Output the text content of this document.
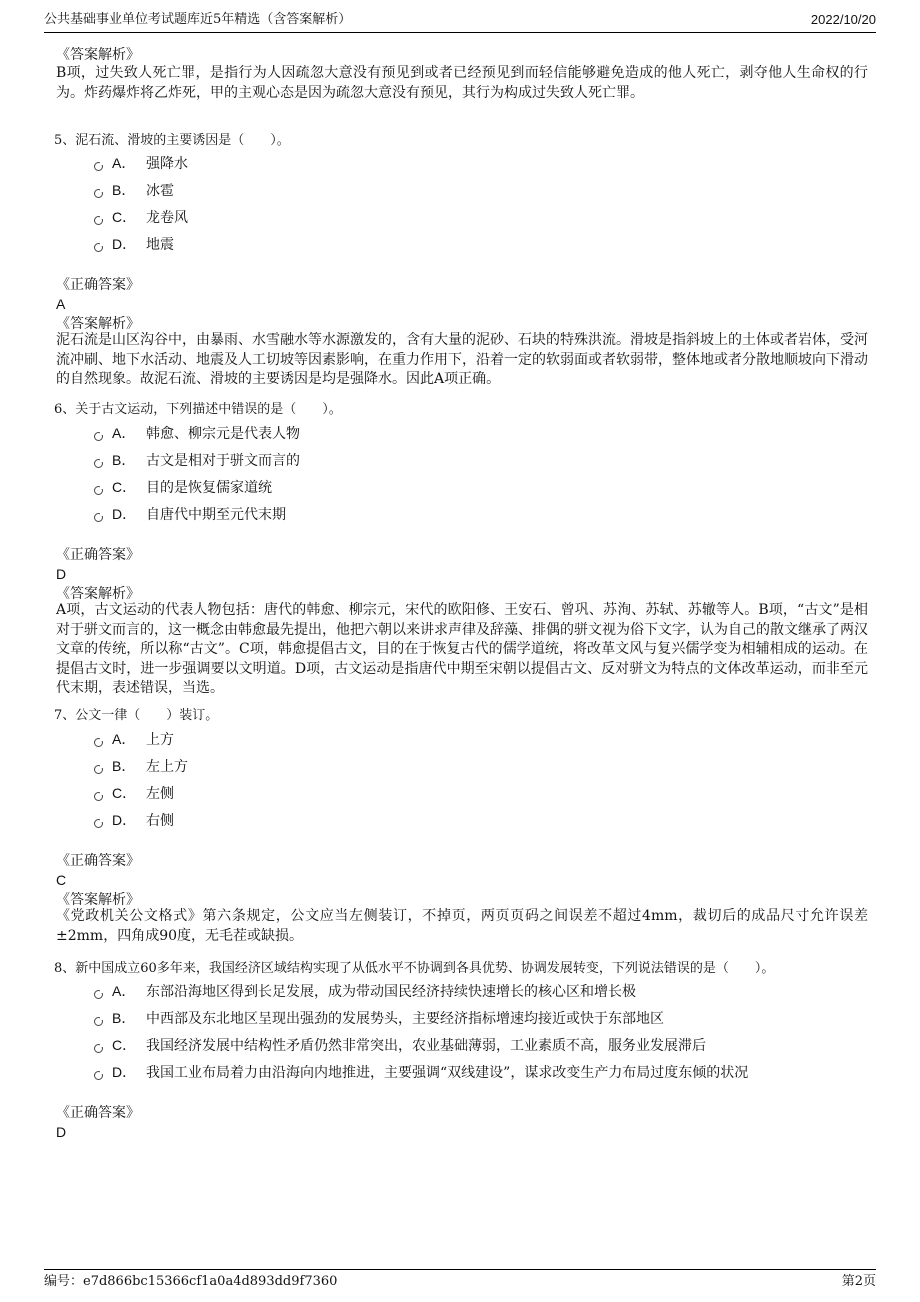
公共基础事业单位考试题库近5年精选（含答案解析）	2022/10/20
《答案解析》
B项，过失致人死亡罪，是指行为人因疏忽大意没有预见到或者已经预见到而轻信能够避免造成的他人死亡，剥夺他人生命权的行为。炸药爆炸将乙炸死，甲的主观心态是因为疏忽大意没有预见，其行为构成过失致人死亡罪。
5、泥石流、滑坡的主要诱因是（　　）。
A． 强降水
B． 冰雹
C． 龙卷风
D． 地震
《正确答案》
A
《答案解析》
泥石流是山区沟谷中，由暴雨、水雪融水等水源激发的，含有大量的泥砂、石块的特殊洪流。滑坡是指斜坡上的土体或者岩体，受河流冲刷、地下水活动、地震及人工切坡等因素影响，在重力作用下，沿着一定的软弱面或者软弱带，整体地或者分散地顺坡向下滑动的自然现象。故泥石流、滑坡的主要诱因是均是强降水。因此A项正确。
6、关于古文运动，下列描述中错误的是（　　）。
A． 韩愈、柳宗元是代表人物
B． 古文是相对于骈文而言的
C． 目的是恢复儒家道统
D． 自唐代中期至元代末期
《正确答案》
D
《答案解析》
A项，古文运动的代表人物包括：唐代的韩愈、柳宗元，宋代的欧阳修、王安石、曾巩、苏洵、苏轼、苏辙等人。B项，“古文”是相对于骈文而言的，这一概念由韩愈最先提出，他把六朝以来讲求声律及辞藻、排偶的骈文视为俗下文字，认为自己的散文继承了两汉文章的传统，所以称“古文”。C项，韩愈提倡古文，目的在于恢复古代的儒学道统，将改革文风与复兴儒学变为相辅相成的运动。在提倡古文时，进一步强调要以文明道。D项，古文运动是指唐代中期至宋朝以提倡古文、反对骈文为特点的文体改革运动，而非至元代末期，表述错误，当选。
7、公文一律（　　）装订。
A． 上方
B． 左上方
C． 左侧
D． 右侧
《正确答案》
C
《答案解析》
《党政机关公文格式》第六条规定，公文应当左侧装订，不掉页，两页页码之间误差不超过4mm，裁切后的成品尺寸允许误差±2mm，四角成90度，无毛茬或缺损。
8、新中国成立60多年来，我国经济区域结构实现了从低水平不协调到各具优势、协调发展转变，下列说法错误的是（　　）。
A． 东部沿海地区得到长足发展，成为带动国民经济持续快速增长的核心区和增长极
B． 中西部及东北地区呈现出强劲的发展势头，主要经济指标增速均接近或快于东部地区
C． 我国经济发展中结构性矛盾仍然非常突出，农业基础薄弱，工业素质不高，服务业发展滞后
D． 我国工业布局着力由沿海向内地推进，主要强调“双线建设”，谋求改变生产力布局过度东倾的状况
《正确答案》
D
编号：e7d866bc15366cf1a0a4d893dd9f7360	第2页
